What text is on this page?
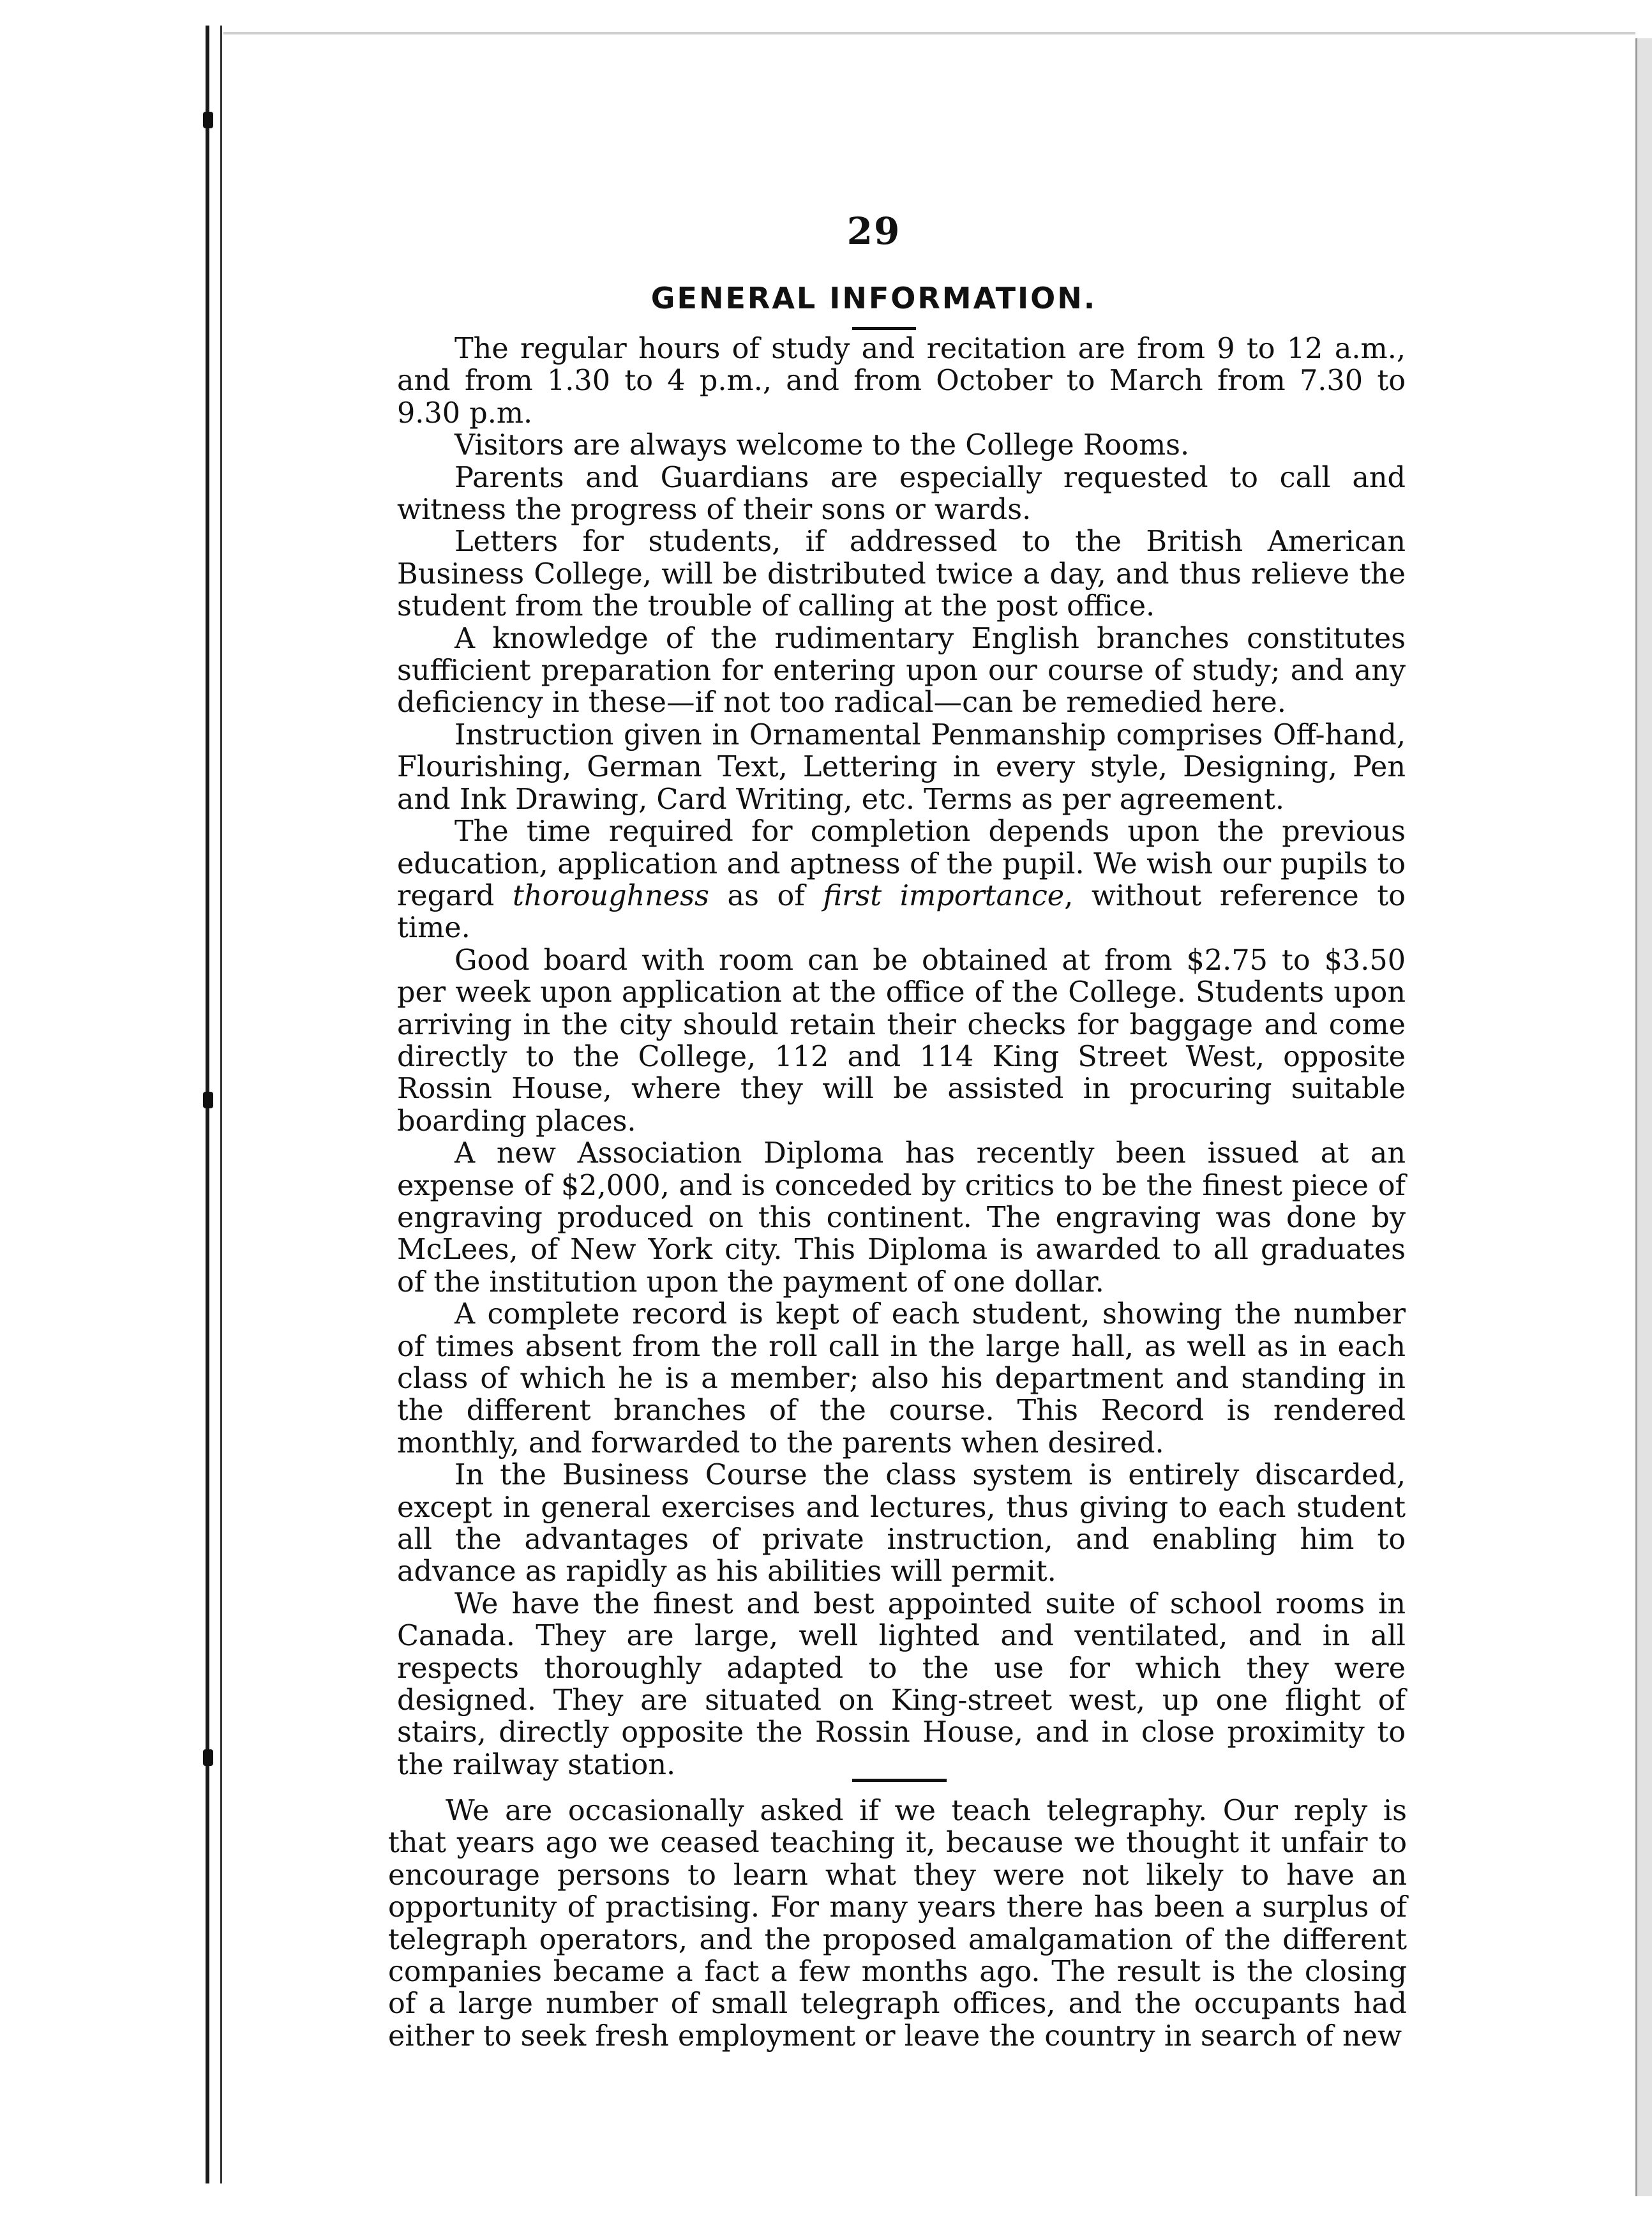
29
GENERAL INFORMATION.

The regular hours of study and recitation are from 9 to 12 a.m., and from 1.30 to 4 p.m., and from October to March from 7.30 to 9.30 p.m.

Visitors are always welcome to the College Rooms.

Parents and Guardians are especially requested to call and witness the progress of their sons or wards.

Letters for students, if addressed to the British American Business College, will be distributed twice a day, and thus relieve the student from the trouble of calling at the post office.

A knowledge of the rudimentary English branches constitutes sufficient preparation for entering upon our course of study; and any deficiency in these—if not too radical—can be remedied here.

Instruction given in Ornamental Penmanship comprises Off-hand, Flourishing, German Text, Lettering in every style, Designing, Pen and Ink Drawing, Card Writing, etc. Terms as per agreement.

The time required for completion depends upon the previous education, application and aptness of the pupil. We wish our pupils to regard thoroughness as of first importance, without reference to time.

Good board with room can be obtained at from $2.75 to $3.50 per week upon application at the office of the College. Students upon arriving in the city should retain their checks for baggage and come directly to the College, 112 and 114 King Street West, opposite Rossin House, where they will be assisted in procuring suitable boarding places.

A new Association Diploma has recently been issued at an expense of $2,000, and is conceded by critics to be the finest piece of engraving produced on this continent. The engraving was done by McLees, of New York city. This Diploma is awarded to all graduates of the institution upon the payment of one dollar.

A complete record is kept of each student, showing the number of times absent from the roll call in the large hall, as well as in each class of which he is a member; also his department and standing in the different branches of the course. This Record is rendered monthly, and forwarded to the parents when desired.

In the Business Course the class system is entirely discarded, except in general exercises and lectures, thus giving to each student all the advantages of private instruction, and enabling him to advance as rapidly as his abilities will permit.

We have the finest and best appointed suite of school rooms in Canada. They are large, well lighted and ventilated, and in all respects thoroughly adapted to the use for which they were designed. They are situated on King-street west, up one flight of stairs, directly opposite the Rossin House, and in close proximity to the railway station.

We are occasionally asked if we teach telegraphy. Our reply is that years ago we ceased teaching it, because we thought it unfair to encourage persons to learn what they were not likely to have an opportunity of practising. For many years there has been a surplus of telegraph operators, and the proposed amalgamation of the different companies became a fact a few months ago. The result is the closing of a large number of small telegraph offices, and the occupants had either to seek fresh employment or leave the country in search of new
